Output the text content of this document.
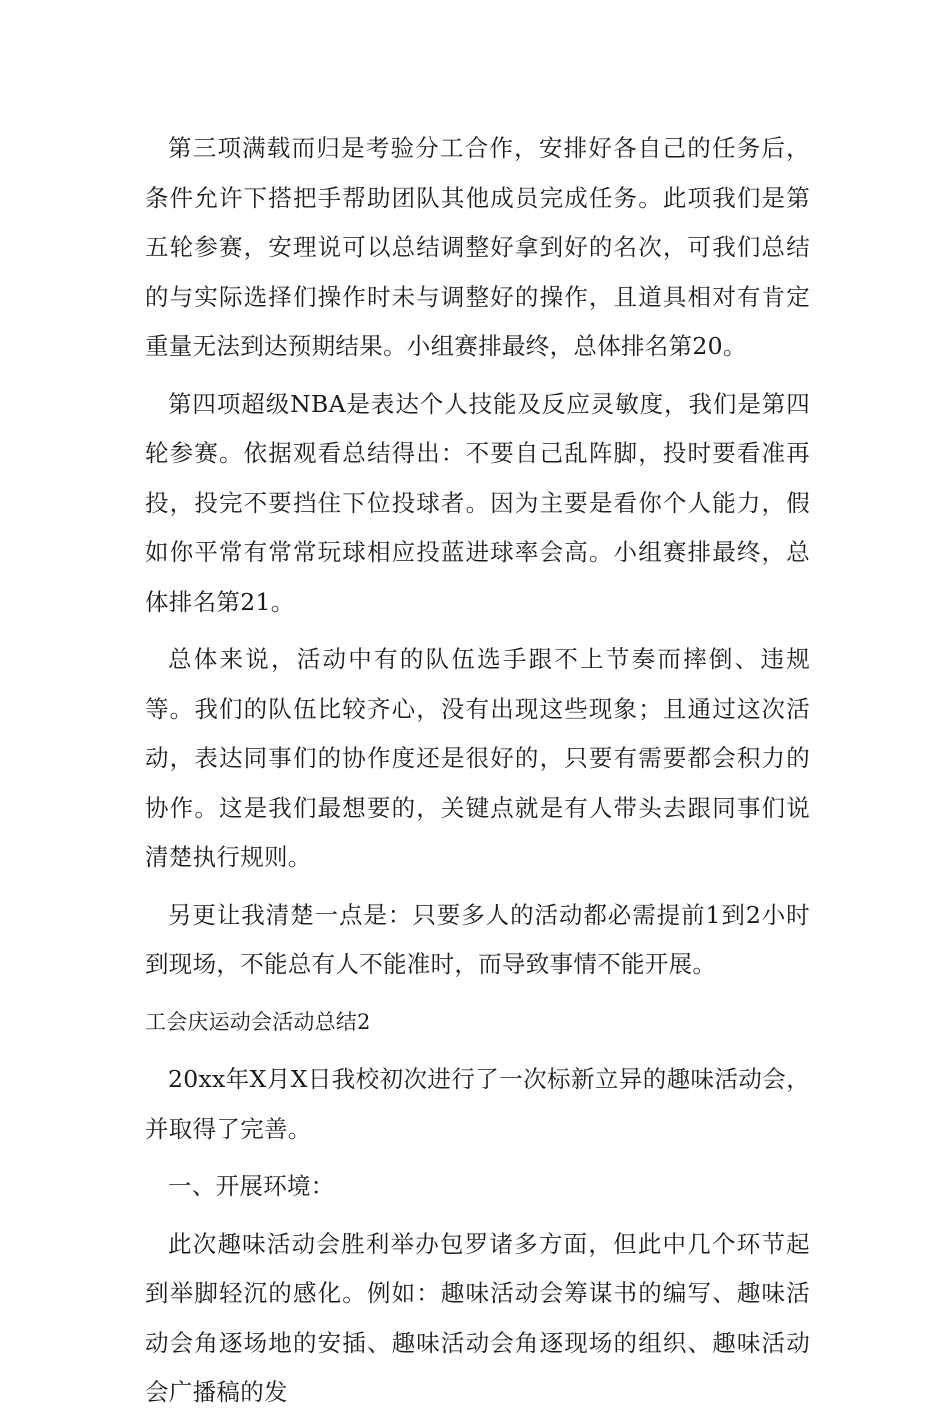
第三项满载而归是考验分工合作，安排好各自己的任务后，条件允许下搭把手帮助团队其他成员完成任务。此项我们是第五轮参赛，安理说可以总结调整好拿到好的名次，可我们总结的与实际选择们操作时未与调整好的操作，且道具相对有肯定重量无法到达预期结果。小组赛排最终，总体排名第20。

第四项超级NBA是表达个人技能及反应灵敏度，我们是第四轮参赛。依据观看总结得出：不要自己乱阵脚，投时要看准再投，投完不要挡住下位投球者。因为主要是看你个人能力，假如你平常有常常玩球相应投蓝进球率会高。小组赛排最终，总体排名第21。

总体来说，活动中有的队伍选手跟不上节奏而摔倒、违规等。我们的队伍比较齐心，没有出现这些现象；且通过这次活动，表达同事们的协作度还是很好的，只要有需要都会积力的协作。这是我们最想要的，关键点就是有人带头去跟同事们说清楚执行规则。

另更让我清楚一点是：只要多人的活动都必需提前1到2小时到现场，不能总有人不能准时，而导致事情不能开展。

工会庆运动会活动总结2

20xx年X月X日我校初次进行了一次标新立异的趣味活动会，并取得了完善。

一、开展环境：

此次趣味活动会胜利举办包罗诸多方面，但此中几个环节起到举脚轻沉的感化。例如：趣味活动会筹谋书的编写、趣味活动会角逐场地的安插、趣味活动会角逐现场的组织、趣味活动会广播稿的发
